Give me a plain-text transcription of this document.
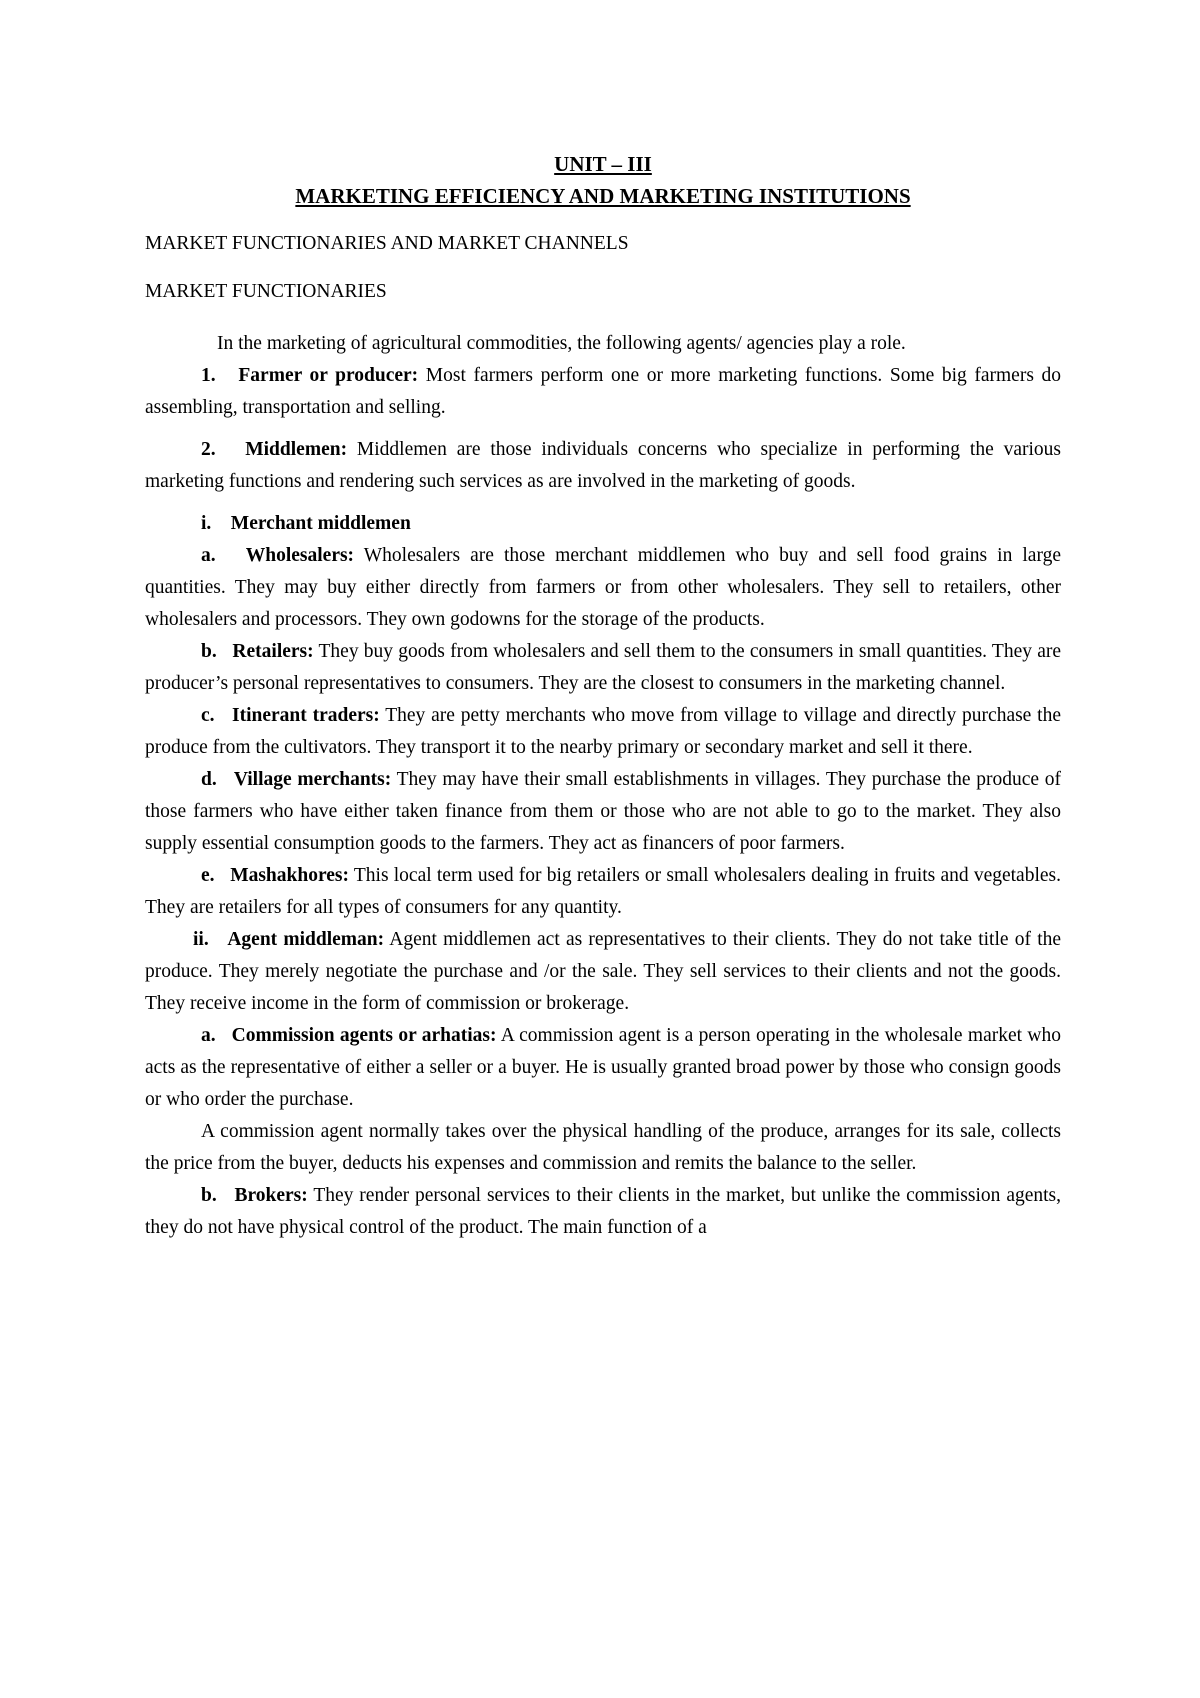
UNIT – III

MARKETING EFFICIENCY AND MARKETING INSTITUTIONS

MARKET FUNCTIONARIES AND MARKET CHANNELS

MARKET FUNCTIONARIES

In the marketing of agricultural commodities, the following agents/ agencies play a role.

1. Farmer or producer: Most farmers perform one or more marketing functions. Some big farmers do assembling, transportation and selling.

2. Middlemen: Middlemen are those individuals concerns who specialize in performing the various marketing functions and rendering such services as are involved in the marketing of goods.

i. Merchant middlemen

a. Wholesalers: Wholesalers are those merchant middlemen who buy and sell food grains in large quantities. They may buy either directly from farmers or from other wholesalers. They sell to retailers, other wholesalers and processors. They own godowns for the storage of the products.

b. Retailers: They buy goods from wholesalers and sell them to the consumers in small quantities. They are producer’s personal representatives to consumers. They are the closest to consumers in the marketing channel.

c. Itinerant traders: They are petty merchants who move from village to village and directly purchase the produce from the cultivators. They transport it to the nearby primary or secondary market and sell it there.

d. Village merchants: They may have their small establishments in villages. They purchase the produce of those farmers who have either taken finance from them or those who are not able to go to the market. They also supply essential consumption goods to the farmers. They act as financers of poor farmers.

e. Mashakhores: This local term used for big retailers or small wholesalers dealing in fruits and vegetables. They are retailers for all types of consumers for any quantity.

ii. Agent middleman: Agent middlemen act as representatives to their clients. They do not take title of the produce. They merely negotiate the purchase and /or the sale. They sell services to their clients and not the goods. They receive income in the form of commission or brokerage.

a. Commission agents or arhatias: A commission agent is a person operating in the wholesale market who acts as the representative of either a seller or a buyer. He is usually granted broad power by those who consign goods or who order the purchase.

A commission agent normally takes over the physical handling of the produce, arranges for its sale, collects the price from the buyer, deducts his expenses and commission and remits the balance to the seller.

b. Brokers: They render personal services to their clients in the market, but unlike the commission agents, they do not have physical control of the product. The main function of a
